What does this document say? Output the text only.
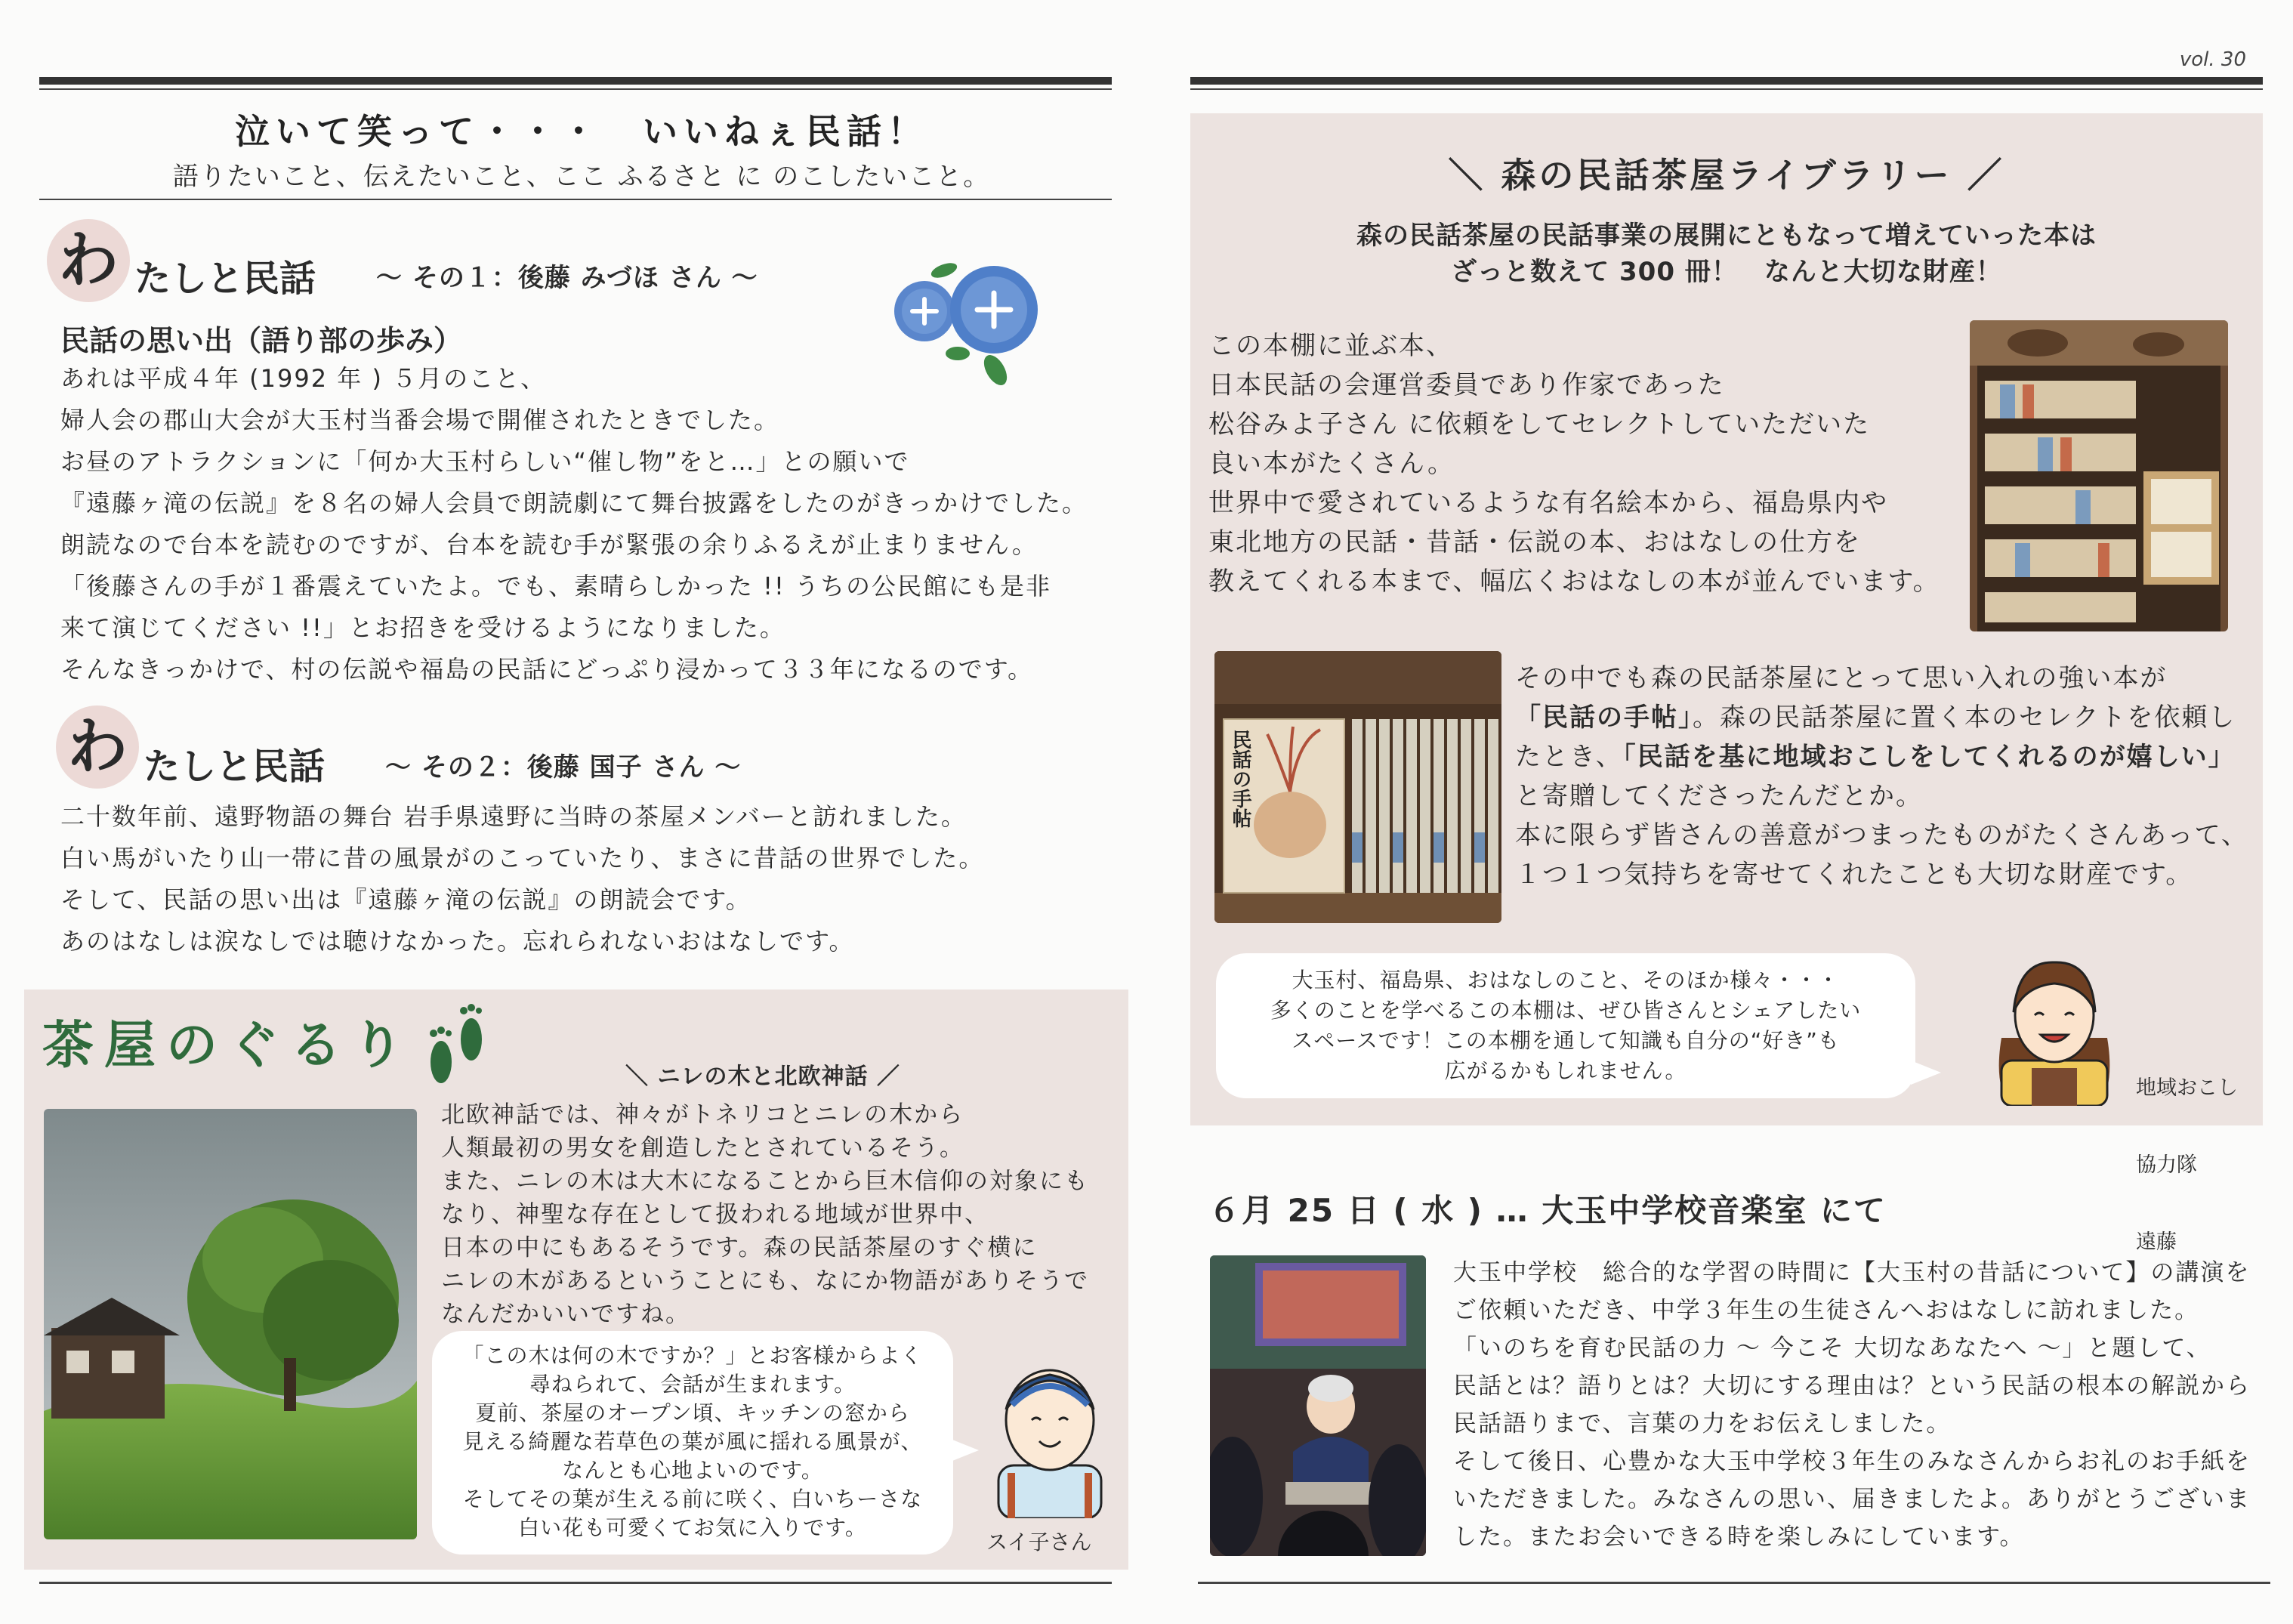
泣いて笑って・・・　いいねぇ民話！
語りたいこと、伝えたいこと、ここ ふるさと に のこしたいこと。
わ たしと民話 〜 その１：後藤 みづほ さん 〜
民話の思い出（語り部の歩み）
あれは平成４年 (1992 年 ) ５月のこと、
婦人会の郡山大会が大玉村当番会場で開催されたときでした。
お昼のアトラクションに「何か大玉村らしい“催し物”をと…」との願いで
『遠藤ヶ滝の伝説』を８名の婦人会員で朗読劇にて舞台披露をしたのがきっかけでした。
朗読なので台本を読むのですが、台本を読む手が緊張の余りふるえが止まりません。
「後藤さんの手が１番震えていたよ。でも、素晴らしかった !! うちの公民館にも是非
来て演じてください !!」とお招きを受けるようになりました。
そんなきっかけで、村の伝説や福島の民話にどっぷり浸かって３３年になるのです。
わ たしと民話 〜 その２：後藤 国子 さん 〜
二十数年前、遠野物語の舞台 岩手県遠野に当時の茶屋メンバーと訪れました。
白い馬がいたり山一帯に昔の風景がのこっていたり、まさに昔話の世界でした。
そして、民話の思い出は『遠藤ヶ滝の伝説』の朗読会です。
あのはなしは涙なしでは聴けなかった。忘れられないおはなしです。
茶屋のぐるり
＼ ニレの木と北欧神話 ／
北欧神話では、神々がトネリコとニレの木から
人類最初の男女を創造したとされているそう。
また、ニレの木は大木になることから巨木信仰の対象にも
なり、神聖な存在として扱われる地域が世界中、
日本の中にもあるそうです。森の民話茶屋のすぐ横に
ニレの木があるということにも、なにか物語がありそうで
なんだかいいですね。
「この木は何の木ですか？」とお客様からよく
尋ねられて、会話が生まれます。
夏前、茶屋のオープン頃、キッチンの窓から
見える綺麗な若草色の葉が風に揺れる風景が、
なんとも心地よいのです。
そしてその葉が生える前に咲く、白いちーさな
白い花も可愛くてお気に入りです。
スイ子さん
vol. 30
＼ 森の民話茶屋ライブラリー ／
森の民話茶屋の民話事業の展開にともなって増えていった本は
ざっと数えて 300 冊！　なんと大切な財産！
この本棚に並ぶ本、
日本民話の会運営委員であり作家であった
松谷みよ子さん に依頼をしてセレクトしていただいた
良い本がたくさん。
世界中で愛されているような有名絵本から、福島県内や
東北地方の民話・昔話・伝説の本、おはなしの仕方を
教えてくれる本まで、幅広くおはなしの本が並んでいます。
民話の手帖
その中でも森の民話茶屋にとって思い入れの強い本が
「民話の手帖」。森の民話茶屋に置く本のセレクトを依頼し
たとき、「民話を基に地域おこしをしてくれるのが嬉しい」
と寄贈してくださったんだとか。
本に限らず皆さんの善意がつまったものがたくさんあって、
１つ１つ気持ちを寄せてくれたことも大切な財産です。
大玉村、福島県、おはなしのこと、そのほか様々・・・
多くのことを学べるこの本棚は、ぜひ皆さんとシェアしたい
スペースです！この本棚を通して知識も自分の“好き”も
広がるかもしれません。

地域おこし

協力隊

遠藤

６月 25 日 ( 水 ) … 大玉中学校音楽室 にて
大玉中学校　総合的な学習の時間に【大玉村の昔話について】の講演を
ご依頼いただき、中学３年生の生徒さんへおはなしに訪れました。
「いのちを育む民話の力 〜 今こそ 大切なあなたへ 〜」と題して、
民話とは？語りとは？大切にする理由は？という民話の根本の解説から
民話語りまで、言葉の力をお伝えしました。
そして後日、心豊かな大玉中学校３年生のみなさんからお礼のお手紙を
いただきました。みなさんの思い、届きましたよ。ありがとうございま
した。またお会いできる時を楽しみにしています。
